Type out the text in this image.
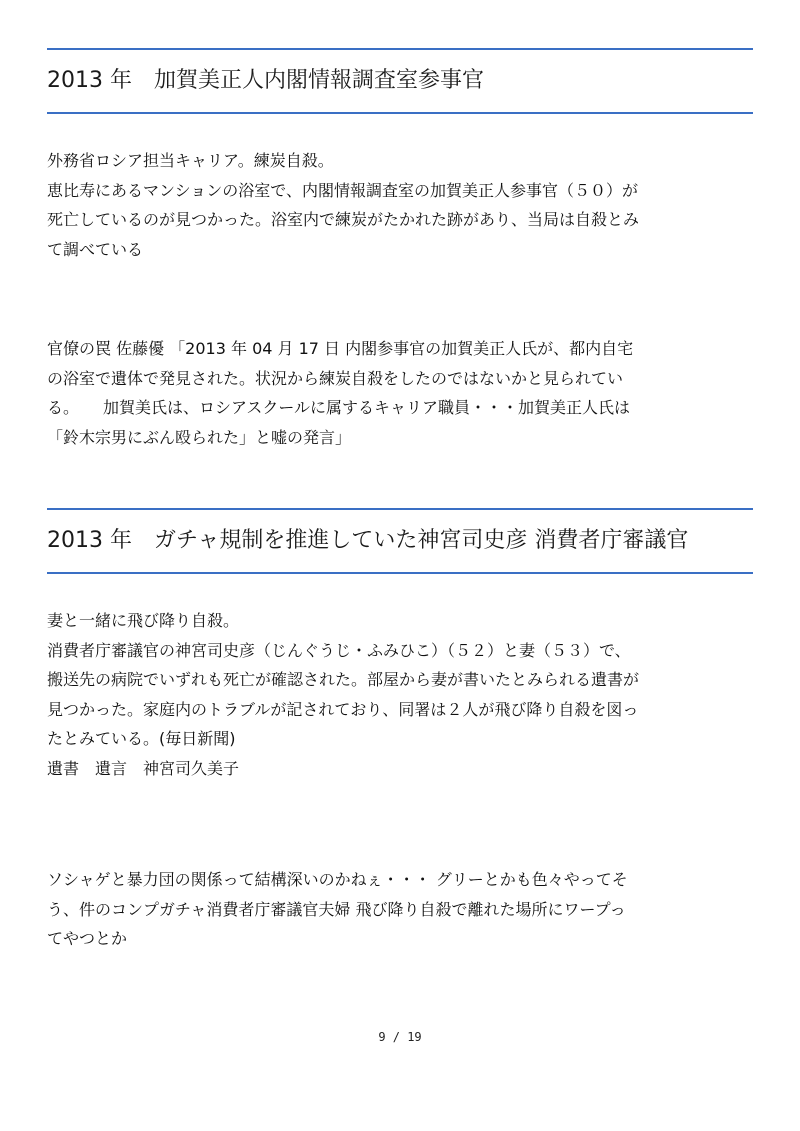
2013 年　加賀美正人内閣情報調査室参事官
外務省ロシア担当キャリア。練炭自殺。
恵比寿にあるマンションの浴室で、内閣情報調査室の加賀美正人参事官（５０）が
死亡しているのが見つかった。浴室内で練炭がたかれた跡があり、当局は自殺とみ
て調べている
官僚の罠 佐藤優 「2013 年 04 月 17 日 内閣参事官の加賀美正人氏が、都内自宅
の浴室で遺体で発見された。状況から練炭自殺をしたのではないかと見られてい
る。　　加賀美氏は、ロシアスクールに属するキャリア職員・・・加賀美正人氏は
「鈴木宗男にぶん殴られた」と嘘の発言」
2013 年　ガチャ規制を推進していた神宮司史彦 消費者庁審議官
妻と一緒に飛び降り自殺。
消費者庁審議官の神宮司史彦（じんぐうじ・ふみひこ）（５２）と妻（５３）で、
搬送先の病院でいずれも死亡が確認された。部屋から妻が書いたとみられる遺書が
見つかった。家庭内のトラブルが記されており、同署は２人が飛び降り自殺を図っ
たとみている。(毎日新聞)
遺書　遺言　神宮司久美子
ソシャゲと暴力団の関係って結構深いのかねぇ・・・ グリーとかも色々やってそ
う、件のコンプガチャ消費者庁審議官夫婦 飛び降り自殺で離れた場所にワープっ
てやつとか
9 / 19
